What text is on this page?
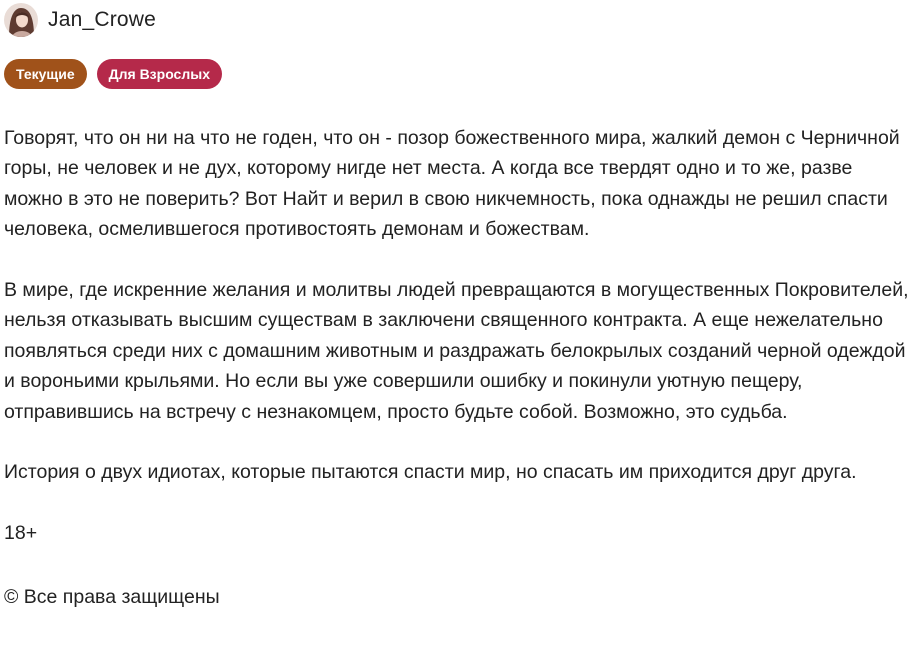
Jan_Crowe
Текущие	Для Взрослых

Говорят, что он ни на что не годен, что он - позор божественного мира, жалкий демон с Черничной горы, не человек и не дух, которому нигде нет места. А когда все твердят одно и то же, разве можно в это не поверить? Вот Найт и верил в свою никчемность, пока однажды не решил спасти человека, осмелившегося противостоять демонам и божествам.

В мире, где искренние желания и молитвы людей превращаются в могущественных Покровителей, нельзя отказывать высшим существам в заключени священного контракта. А еще нежелательно появляться среди них с домашним животным и раздражать белокрылых созданий черной одеждой и вороньими крыльями. Но если вы уже совершили ошибку и покинули уютную пещеру, отправившись на встречу с незнакомцем, просто будьте собой. Возможно, это судьба.

История о двух идиотах, которые пытаются спасти мир, но спасать им приходится друг друга.

18+

© Все права защищены
